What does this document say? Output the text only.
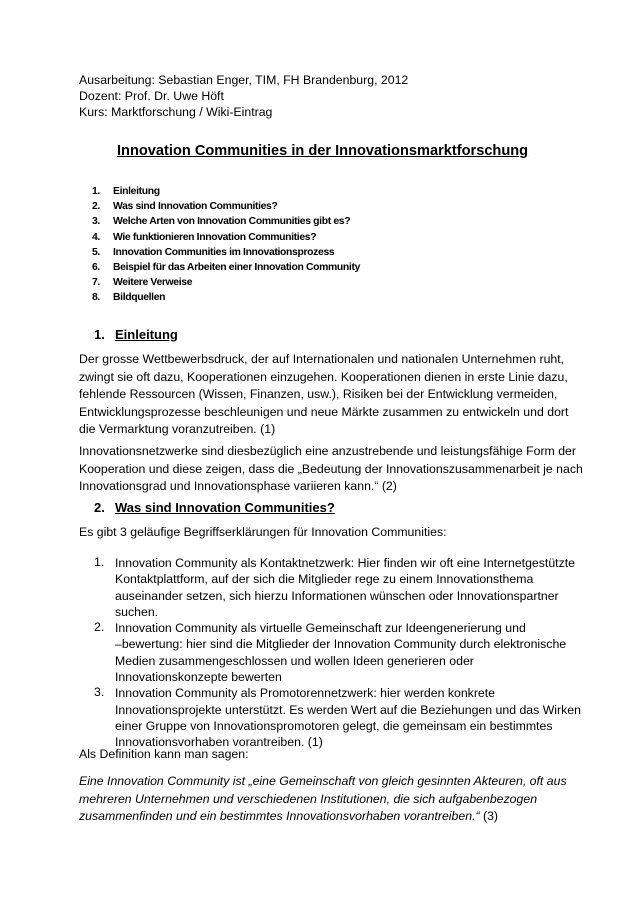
Ausarbeitung: Sebastian Enger, TIM, FH Brandenburg, 2012
Dozent: Prof. Dr. Uwe Höft
Kurs: Marktforschung / Wiki-Eintrag
Innovation Communities in der Innovationsmarktforschung
1. Einleitung
2. Was sind Innovation Communities?
3. Welche Arten von Innovation Communities gibt es?
4. Wie funktionieren Innovation Communities?
5. Innovation Communities im Innovationsprozess
6. Beispiel für das Arbeiten einer Innovation Community
7. Weitere Verweise
8. Bildquellen
1. Einleitung

Der grosse Wettbewerbsdruck, der auf Internationalen und nationalen Unternehmen ruht,
zwingt sie oft dazu, Kooperationen einzugehen. Kooperationen dienen in erste Linie dazu,
fehlende Ressourcen (Wissen, Finanzen, usw.), Risiken bei der Entwicklung vermeiden,
Entwicklungsprozesse beschleunigen und neue Märkte zusammen zu entwickeln und dort
die Vermarktung voranzutreiben. (1)

Innovationsnetzwerke sind diesbezüglich eine anzustrebende und leistungsfähige Form der
Kooperation und diese zeigen, dass die „Bedeutung der Innovationszusammenarbeit je nach
Innovationsgrad und Innovationsphase variieren kann.“ (2)

2. Was sind Innovation Communities?

Es gibt 3 geläufige Begriffserklärungen für Innovation Communities:

1. Innovation Community als Kontaktnetzwerk: Hier finden wir oft eine Internetgestützte
Kontaktplattform, auf der sich die Mitglieder rege zu einem Innovationsthema
auseinander setzen, sich hierzu Informationen wünschen oder Innovationspartner
suchen.
2. Innovation Community als virtuelle Gemeinschaft zur Ideengenerierung und
–bewertung: hier sind die Mitglieder der Innovation Community durch elektronische
Medien zusammengeschlossen und wollen Ideen generieren oder
Innovationskonzepte bewerten
3. Innovation Community als Promotorennetzwerk: hier werden konkrete
Innovationsprojekte unterstützt. Es werden Wert auf die Beziehungen und das Wirken
einer Gruppe von Innovationspromotoren gelegt, die gemeinsam ein bestimmtes
Innovationsvorhaben vorantreiben. (1)

Als Definition kann man sagen:

Eine Innovation Community ist „eine Gemeinschaft von gleich gesinnten Akteuren, oft aus
mehreren Unternehmen und verschiedenen Institutionen, die sich aufgabenbezogen
zusammenfinden und ein bestimmtes Innovationsvorhaben vorantreiben.“ (3)
